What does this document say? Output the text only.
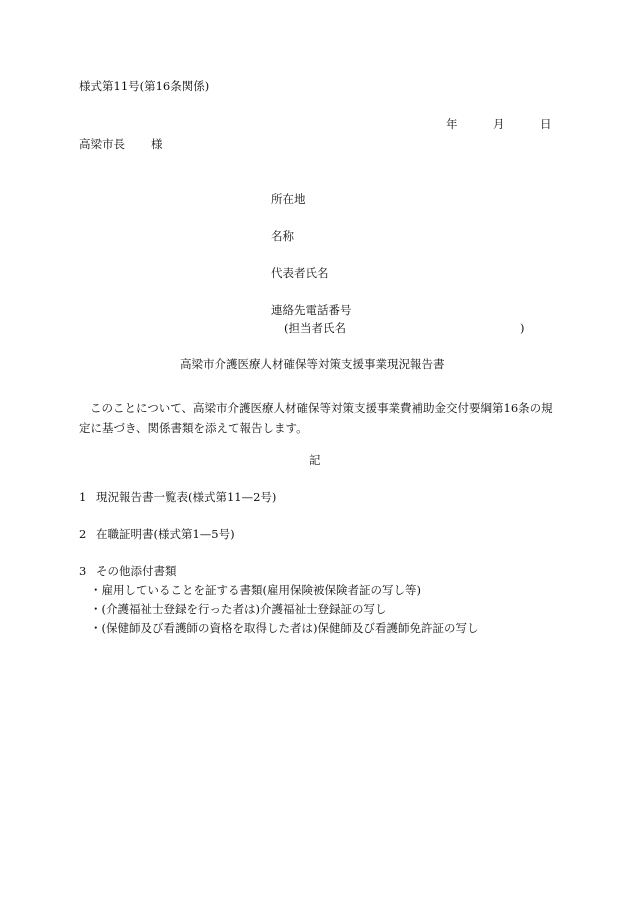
様式第11号(第16条関係)
年	月	日
高梁市長 様
所在地
名称
代表者氏名
連絡先電話番号
(担当者氏名	)
高梁市介護医療人材確保等対策支援事業現況報告書
このことについて、高梁市介護医療人材確保等対策支援事業費補助金交付要綱第16条の規定に基づき、関係書類を添えて報告します。
記
1 現況報告書一覧表(様式第11—2号)
2 在職証明書(様式第1—5号)
3 その他添付書類
・雇用していることを証する書類(雇用保険被保険者証の写し等)
・(介護福祉士登録を行った者は)介護福祉士登録証の写し
・(保健師及び看護師の資格を取得した者は)保健師及び看護師免許証の写し
